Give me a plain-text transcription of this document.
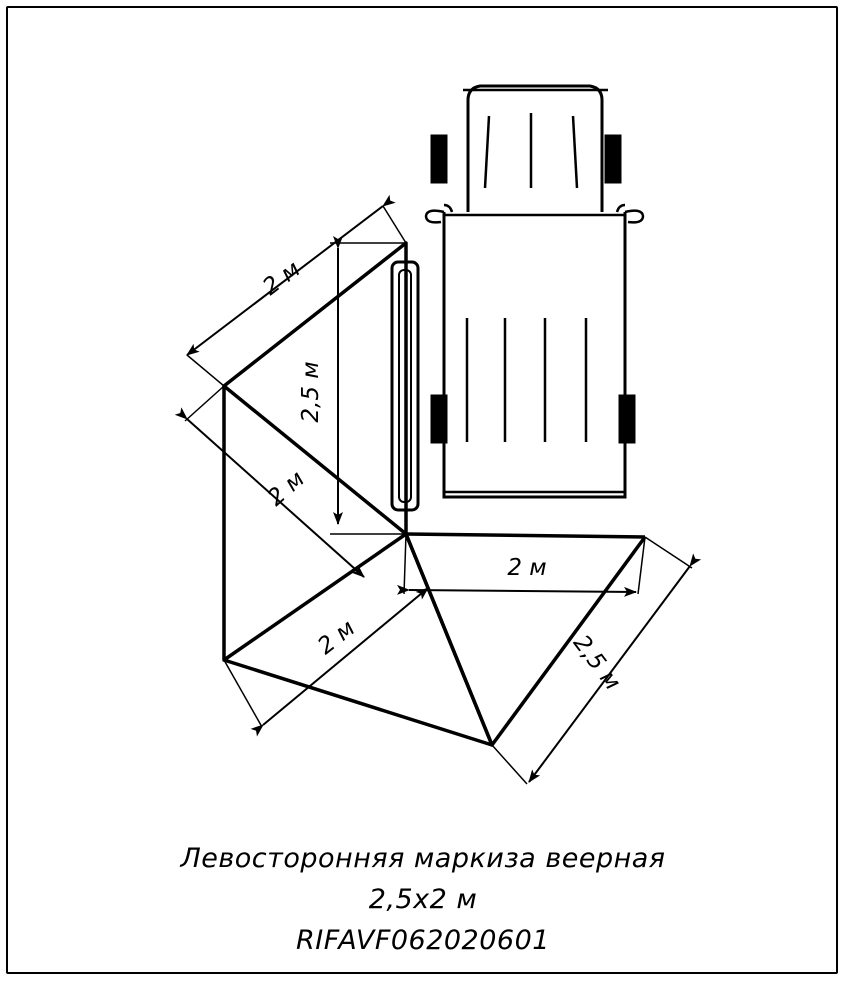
2 м
2,5 м
2 м
2 м
2 м
2,5 м
Левосторонняя маркиза веерная
2,5х2 м
RIFAVF062020601
